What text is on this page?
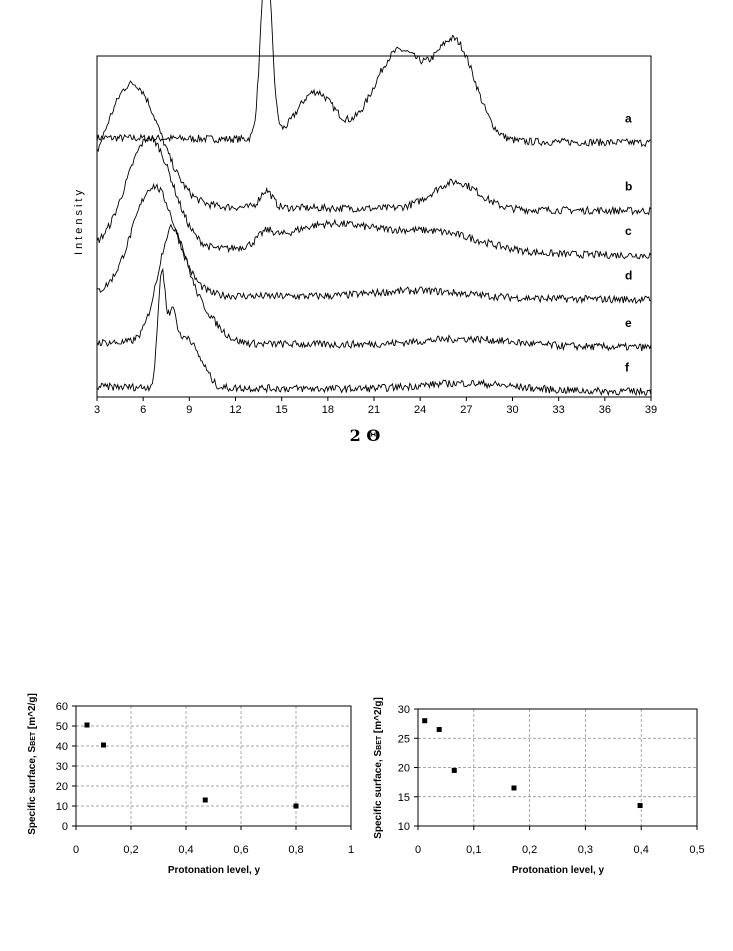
a
b
c
d
e
f
3	6	9	12	15	18	21	24	27	30	33	36	39
Intensity
2 Θ
0	0,2	0,4	0,6	0,8	1
0
10
20
30
40
50
60
Specific surface, SBET [m^2/g]
Protonation level, y
0	0,1	0,2	0,3	0,4	0,5
10
15
20
25
30
Specific surface, SBET [m^2/g]
Protonation level, y
